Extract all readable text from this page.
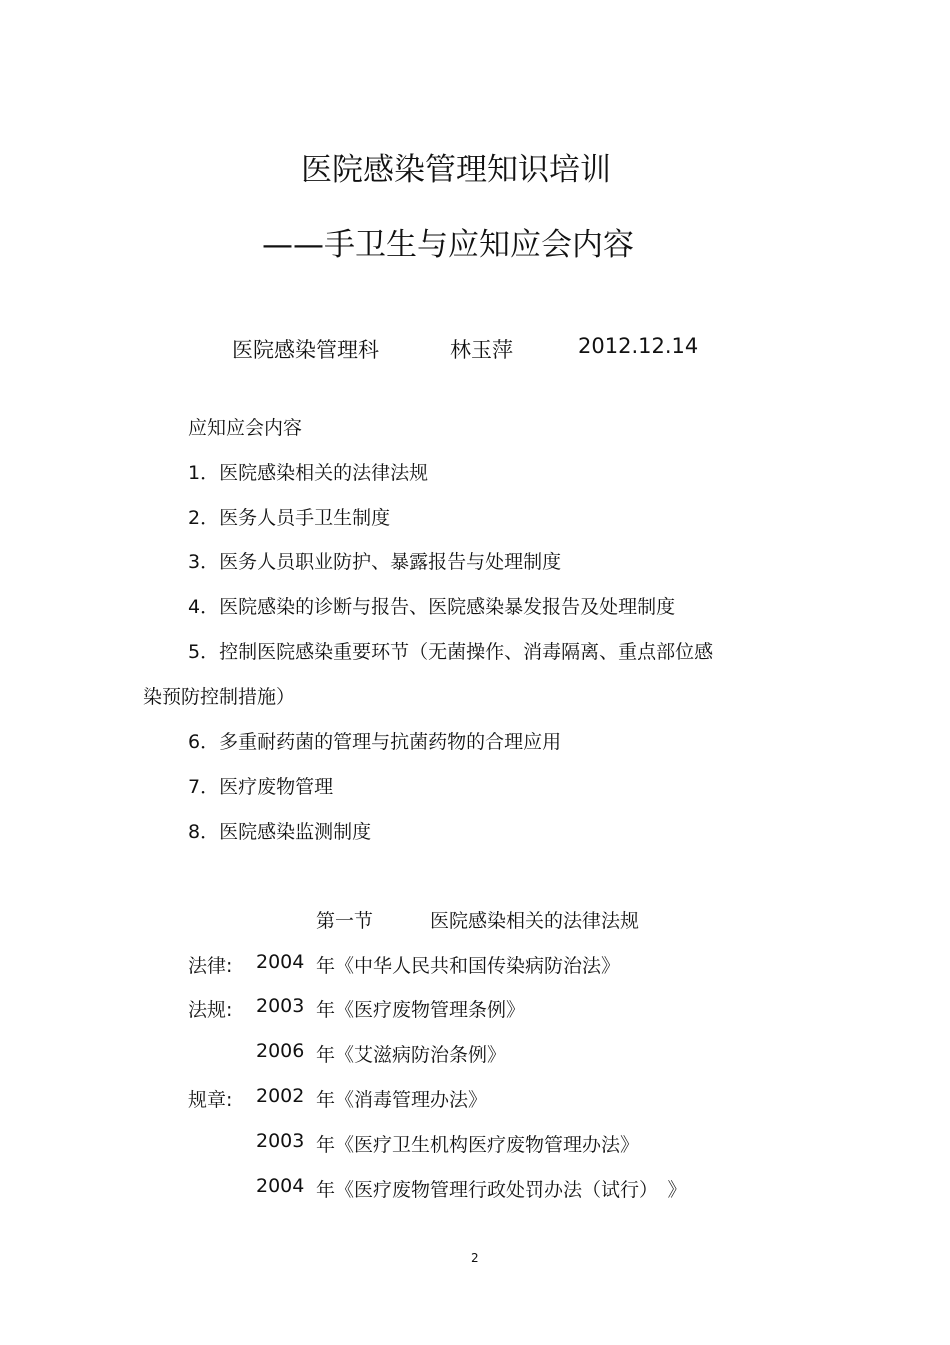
医院感染管理知识培训
——手卫生与应知应会内容
医院感染管理科	林玉萍	2012.12.14
应知应会内容
1．医院感染相关的法律法规
2．医务人员手卫生制度
3．医务人员职业防护、暴露报告与处理制度
4．医院感染的诊断与报告、医院感染暴发报告及处理制度
5．控制医院感染重要环节（无菌操作、消毒隔离、重点部位感
染预防控制措施）
6．多重耐药菌的管理与抗菌药物的合理应用
7．医疗废物管理
8．医院感染监测制度
第一节	医院感染相关的法律法规
法律: 2004 年《中华人民共和国传染病防治法》
法规: 2003 年《医疗废物管理条例》
2006 年《艾滋病防治条例》
规章: 2002 年《消毒管理办法》
2003 年《医疗卫生机构医疗废物管理办法》
2004 年《医疗废物管理行政处罚办法（试行）　》
2
